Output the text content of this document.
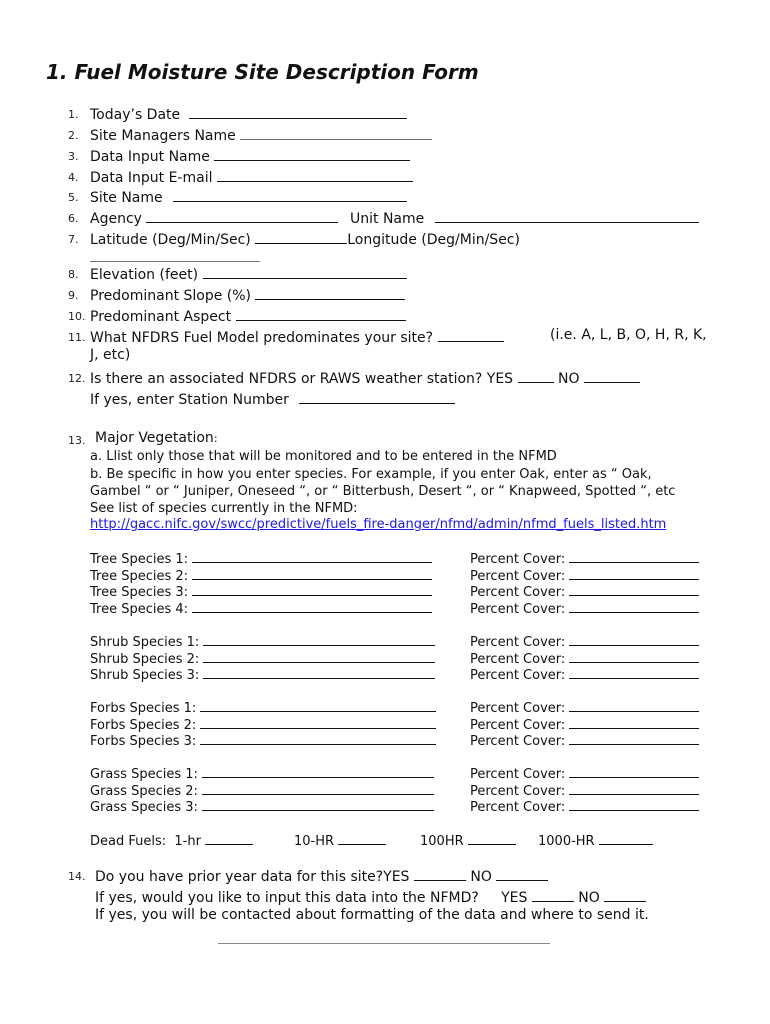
1. Fuel Moisture Site Description Form
1. Today’s Date
2. Site Managers Name
3. Data Input Name
4. Data Input E-mail
5. Site Name
6. Agency	Unit Name
7. Latitude (Deg/Min/Sec)	Longitude (Deg/Min/Sec)
8. Elevation (feet)
9. Predominant Slope (%)
10. Predominant Aspect
11. What NFDRS Fuel Model predominates your site?	(i.e. A, L, B, O, H, R, K,
J, etc)
12. Is there an associated NFDRS or RAWS weather station? YES	NO
If yes, enter Station Number
13. Major Vegetation:
a. Llist only those that will be monitored and to be entered in the NFMD
b. Be specific in how you enter species. For example, if you enter Oak, enter as “ Oak,
Gambel “ or “ Juniper, Oneseed “, or “ Bitterbush, Desert “, or “ Knapweed, Spotted “, etc
See list of species currently in the NFMD:
http://gacc.nifc.gov/swcc/predictive/fuels_fire-danger/nfmd/admin/nfmd_fuels_listed.htm
Tree Species 1:	Percent Cover:
Tree Species 2:	Percent Cover:
Tree Species 3:	Percent Cover:
Tree Species 4:	Percent Cover:
Shrub Species 1:	Percent Cover:
Shrub Species 2:	Percent Cover:
Shrub Species 3:	Percent Cover:
Forbs Species 1:	Percent Cover:
Forbs Species 2:	Percent Cover:
Forbs Species 3:	Percent Cover:
Grass Species 1:	Percent Cover:
Grass Species 2:	Percent Cover:
Grass Species 3:	Percent Cover:
Dead Fuels: 1-hr	10-HR	100HR	1000-HR
14. Do you have prior year data for this site?YES	NO
If yes, would you like to input this data into the NFMD? YES	NO
If yes, you will be contacted about formatting of the data and where to send it.
